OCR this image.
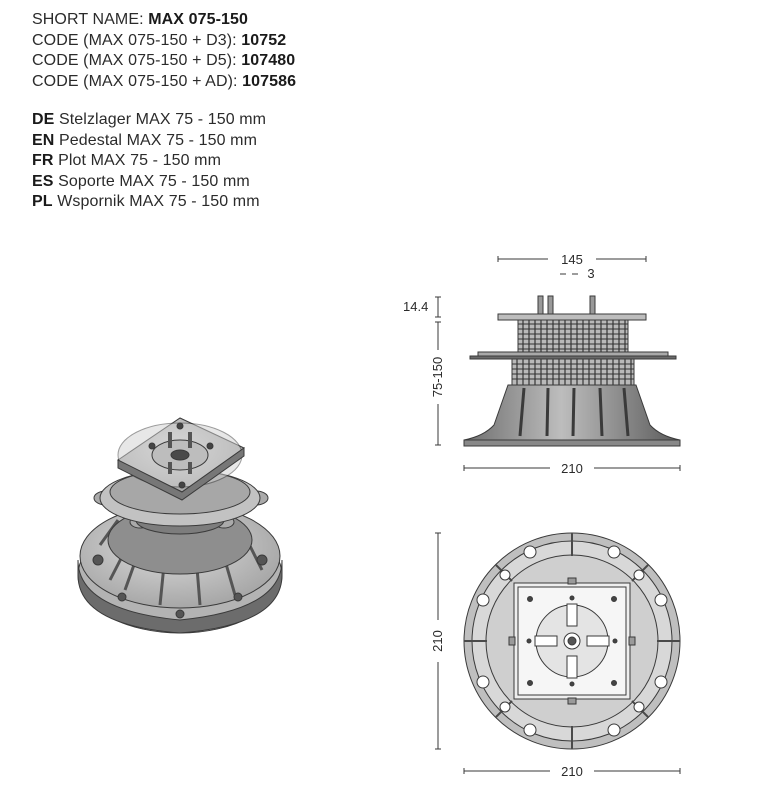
SHORT NAME: MAX 075-150
CODE (MAX 075-150 + D3): 10752
CODE (MAX 075-150 + D5): 107480
CODE (MAX 075-150 + AD): 107586
DE Stelzlager MAX 75 - 150 mm
EN Pedestal MAX 75 - 150 mm
FR Plot MAX 75 - 150 mm
ES Soporte MAX 75 - 150 mm
PL Wspornik MAX 75 - 150 mm
145
3
14.4
75-150
210
210
210
